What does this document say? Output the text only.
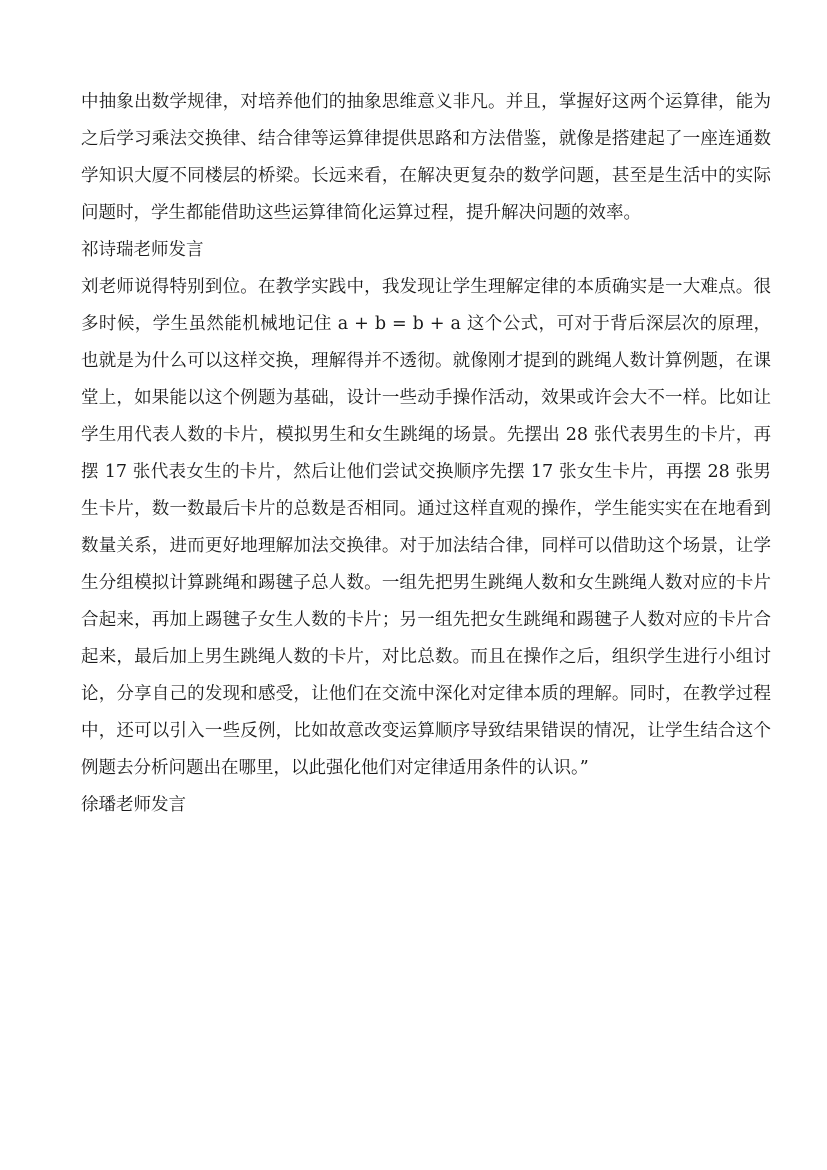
中抽象出数学规律，对培养他们的抽象思维意义非凡。并且，掌握好这两个运算律，能为之后学习乘法交换律、结合律等运算律提供思路和方法借鉴，就像是搭建起了一座连通数学知识大厦不同楼层的桥梁。长远来看，在解决更复杂的数学问题，甚至是生活中的实际问题时，学生都能借助这些运算律简化运算过程，提升解决问题的效率。

祁诗瑞老师发言

刘老师说得特别到位。在教学实践中，我发现让学生理解定律的本质确实是一大难点。很多时候，学生虽然能机械地记住 a + b = b + a 这个公式，可对于背后深层次的原理，也就是为什么可以这样交换，理解得并不透彻。就像刚才提到的跳绳人数计算例题，在课堂上，如果能以这个例题为基础，设计一些动手操作活动，效果或许会大不一样。比如让学生用代表人数的卡片，模拟男生和女生跳绳的场景。先摆出 28 张代表男生的卡片，再摆 17 张代表女生的卡片，然后让他们尝试交换顺序先摆 17 张女生卡片，再摆 28 张男生卡片，数一数最后卡片的总数是否相同。通过这样直观的操作，学生能实实在在地看到数量关系，进而更好地理解加法交换律。对于加法结合律，同样可以借助这个场景，让学生分组模拟计算跳绳和踢毽子总人数。一组先把男生跳绳人数和女生跳绳人数对应的卡片合起来，再加上踢毽子女生人数的卡片；另一组先把女生跳绳和踢毽子人数对应的卡片合起来，最后加上男生跳绳人数的卡片，对比总数。而且在操作之后，组织学生进行小组讨论，分享自己的发现和感受，让他们在交流中深化对定律本质的理解。同时，在教学过程中，还可以引入一些反例，比如故意改变运算顺序导致结果错误的情况，让学生结合这个例题去分析问题出在哪里，以此强化他们对定律适用条件的认识。”

徐璠老师发言
